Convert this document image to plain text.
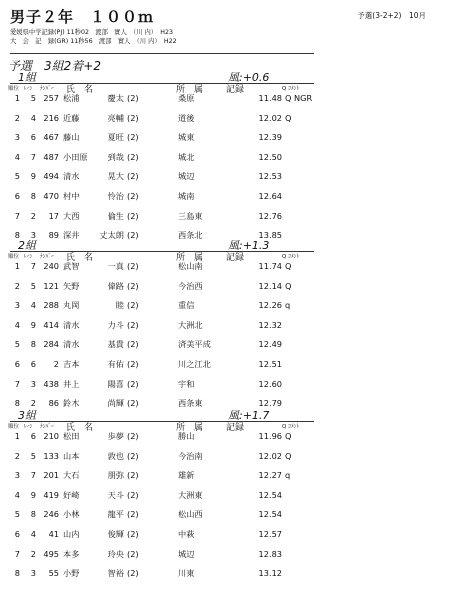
男子２年　１００ｍ	予選(3-2+2)　10月
愛媛県中学記録(PJ) 11秒02　渡部　實人　（川 内）　H23
大　会　記　録(GR) 11秒56　渡部　實人　（川 内）　H22
予選　3組2着+2
1組	風:+0.6
順位 ﾚｰﾝ ﾅﾝﾊﾞｰ 氏　名	所　属	記録	Q ｺﾒﾝﾄ
1	5 257 松浦	慶太 (2)	桑原	11.48 Q NGR
2	4 216 近藤	亮輔 (2)	道後	12.02 Q
3	6 467 藤山	夏旺 (2)	城東	12.39
4	7 487 小田原	到哉 (2)	城北	12.50
5	9 494 清水	晃大 (2)	城辺	12.53
6	8 470 村中	怜治 (2)	城南	12.64
7	2	17 大西	倫生 (2)	三島東	12.76
8	3	89 深井	丈太朗 (2)	西条北	13.85
2組	風:+1.3
順位 ﾚｰﾝ ﾅﾝﾊﾞｰ 氏　名	所　属	記録	Q ｺﾒﾝﾄ
1	7 240 武智	一真 (2)	松山南	11.74 Q
2	5 121 矢野	偉路 (2)	今治西	12.14 Q
3	4 288 丸岡	睦 (2)	重信	12.26 q
4	9 414 清水	力斗 (2)	大洲北	12.32
5	8 284 清水	基貴 (2)	済美平成	12.49
6	6	2 吉本	有佑 (2)	川之江北	12.51
7	3 438 井上	陽喜 (2)	宇和	12.60
8	2	86 鈴木	尚輝 (2)	西条東	12.79
3組	風:+1.7
順位 ﾚｰﾝ ﾅﾝﾊﾞｰ 氏　名	所　属	記録	Q ｺﾒﾝﾄ
1	6 210 松田	歩夢 (2)	勝山	11.96 Q
2	5 133 山本	敦也 (2)	今治南	12.02 Q
3	7 201 大石	朋弥 (2)	雄新	12.27 q
4	9 419 好崎	天斗 (2)	大洲東	12.54
5	8 246 小林	龍平 (2)	松山西	12.54
6	4	41 山内	俊輝 (2)	中萩	12.57
7	2 495 本多	玲央 (2)	城辺	12.83
8	3	55 小野	智裕 (2)	川東	13.12
